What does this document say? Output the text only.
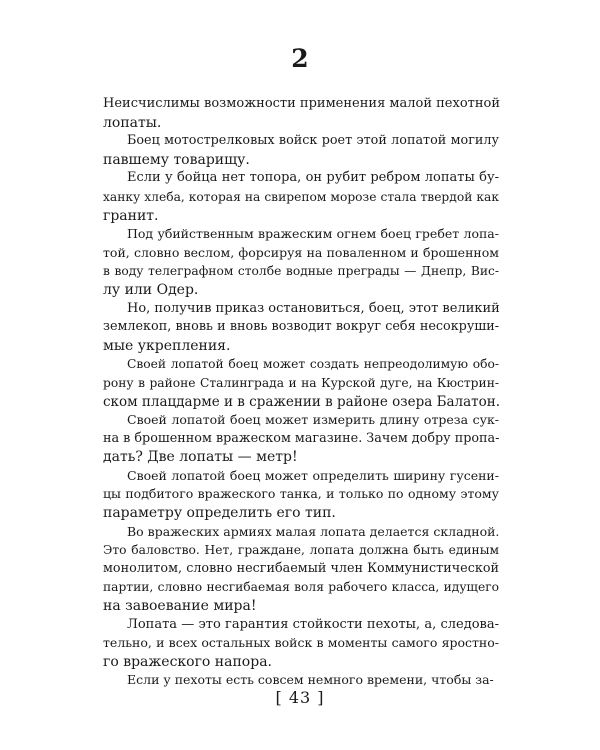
2
Неисчислимы возможности применения малой пехотной
лопаты.
Боец мотострелковых войск роет этой лопатой могилу
павшему товарищу.
Если у бойца нет топора, он рубит ребром лопаты бу-
ханку хлеба, которая на свирепом морозе стала твердой как
гранит.
Под убийственным вражеским огнем боец гребет лопа-
той, словно веслом, форсируя на поваленном и брошенном
в воду телеграфном столбе водные преграды — Днепр, Вис-
лу или Одер.
Но, получив приказ остановиться, боец, этот великий
землекоп, вновь и вновь возводит вокруг себя несокруши-
мые укрепления.
Своей лопатой боец может создать непреодолимую обо-
рону в районе Сталинграда и на Курской дуге, на Кюстрин-
ском плацдарме и в сражении в районе озера Балатон.
Своей лопатой боец может измерить длину отреза сук-
на в брошенном вражеском магазине. Зачем добру пропа-
дать? Две лопаты — метр!
Своей лопатой боец может определить ширину гусени-
цы подбитого вражеского танка, и только по одному этому
параметру определить его тип.
Во вражеских армиях малая лопата делается складной.
Это баловство. Нет, граждане, лопата должна быть единым
монолитом, словно несгибаемый член Коммунистической
партии, словно несгибаемая воля рабочего класса, идущего
на завоевание мира!
Лопата — это гарантия стойкости пехоты, а, следова-
тельно, и всех остальных войск в моменты самого яростно-
го вражеского напора.
Если у пехоты есть совсем немного времени, чтобы за-
[ 43 ]
